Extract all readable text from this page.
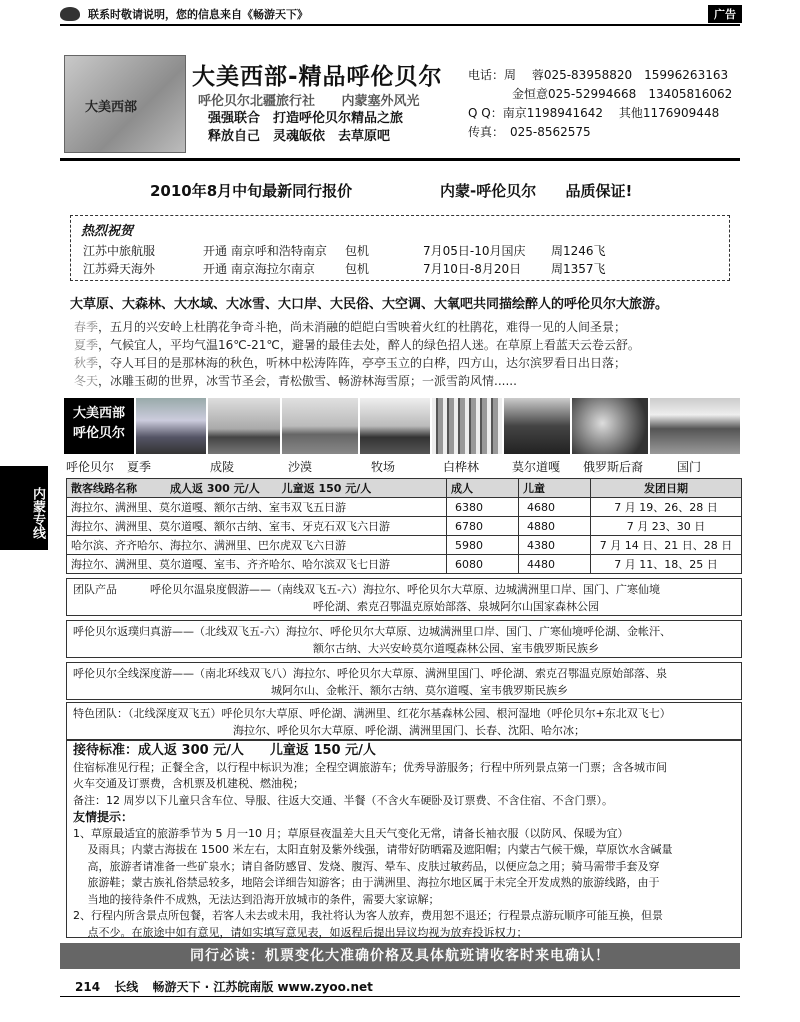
联系时敬请说明，您的信息来自《畅游天下》	广告
大美西部
大美西部-精品呼伦贝尔
呼伦贝尔北疆旅行社 内蒙塞外风光
强强联合　打造呼伦贝尔精品之旅
释放自己　灵魂皈依　去草原吧
电话：周　 蓉025-83958820　15996263163
金恒意025-52994668　13405816062
Q Q：南京1198941642　 其他1176909448
传真：　025-8562575
2010年8月中旬最新同行报价	内蒙-呼伦贝尔 品质保证!
热烈祝贺
江苏中旅航服	开通 南京呼和浩特南京 包机	7月05日-10月国庆 周1246飞
江苏舜天海外	开通 南京海拉尔南京	包机	7月10日-8月20日 周1357飞
大草原、大森林、大水域、大冰雪、大口岸、大民俗、大空调、大氧吧共同描绘醉人的呼伦贝尔大旅游。
春季，五月的兴安岭上杜鹃花争奇斗艳，尚未消融的皑皑白雪映着火红的杜鹃花，难得一见的人间圣景；
夏季，气候宜人，平均气温16℃-21℃，避暑的最佳去处，醉人的绿色招人迷。在草原上看蓝天云卷云舒。
秋季，夺人耳目的是那林海的秋色，听林中松涛阵阵，亭亭玉立的白桦，四方山，达尔滨罗看日出日落；
冬天，冰雕玉砌的世界，冰雪节圣会，青松傲雪、畅游林海雪原；一派雪韵风情......
内蒙专线
大美西部
呼伦贝尔
呼伦贝尔 夏季	成陵	沙漠	牧场	白桦林	莫尔道嘎 俄罗斯后裔	国门
散客线路名称　　　 成人返 300 元/人　　儿童返 150 元/人	成人	儿童	发团日期
海拉尔、满洲里、莫尔道嘎、额尔古纳、室韦双飞五日游	6380	4680	7 月 19、26、28 日
海拉尔、满洲里、莫尔道嘎、额尔古纳、室韦、牙克石双飞六日游	6780	4880	7 月 23、30 日
哈尔滨、齐齐哈尔、海拉尔、满洲里、巴尔虎双飞六日游	5980	4380	7 月 14 日、21 日、28 日
海拉尔、满洲里、莫尔道嘎、室韦、齐齐哈尔、哈尔滨双飞七日游	6080	4480	7 月 11、18、25 日
团队产品　　　呼伦贝尔温泉度假游——（南线双飞五-六）海拉尔、呼伦贝尔大草原、边城满洲里口岸、国门、广寒仙境
呼伦湖、索克召鄂温克原始部落、泉城阿尔山国家森林公园
呼伦贝尔返璞归真游——（北线双飞五-六）海拉尔、呼伦贝尔大草原、边城满洲里口岸、国门、广寒仙境呼伦湖、金帐汗、
额尔古纳、大兴安岭莫尔道嘎森林公园、室韦俄罗斯民族乡
呼伦贝尔全线深度游——（南北环线双飞八）海拉尔、呼伦贝尔大草原、满洲里国门、呼伦湖、索克召鄂温克原始部落、泉
城阿尔山、金帐汗、额尔古纳、莫尔道嘎、室韦俄罗斯民族乡
特色团队：（北线深度双飞五）呼伦贝尔大草原、呼伦湖、满洲里、红花尔基森林公园、根河湿地（呼伦贝尔+东北双飞七）
海拉尔、呼伦贝尔大草原、呼伦湖、满洲里国门、长春、沈阳、哈尔冰；
接待标准：成人返 300 元/人　　儿童返 150 元/人
住宿标准见行程；正餐全含，以行程中标识为准；全程空调旅游车；优秀导游服务；行程中所列景点第一门票；含各城市间
火车交通及订票费，含机票及机建税、燃油税；
备注：12 周岁以下儿童只含车位、导服、往返大交通、半餐（不含火车硬卧及订票费、不含住宿、不含门票）。
友情提示：
1、草原最适宜的旅游季节为 5 月一10 月；草原昼夜温差大且天气变化无常，请备长袖衣服（以防风、保暖为宜）
　 及雨具；内蒙古海拔在 1500 米左右，太阳直射及紫外线强，请带好防晒霜及遮阳帽；内蒙古气候干燥，草原饮水含碱量
　 高，旅游者请准备一些矿泉水；请自备防感冒、发烧、腹泻、晕车、皮肤过敏药品，以便应急之用；骑马需带手套及穿
　 旅游鞋；蒙古族礼俗禁忌较多，地陪会详细告知游客；由于满洲里、海拉尔地区属于未完全开发成熟的旅游线路，由于
　 当地的接待条件不成熟，无法达到沿海开放城市的条件，需要大家谅解；
2、行程内所含景点所包餐，若客人未去或未用，我社将认为客人放弃，费用恕不退还；行程景点游玩顺序可能互换，但景
　 点不少。在旅途中如有意见，请如实填写意见表，如返程后提出异议均视为放弃投诉权力；
同行必读：机票变化大准确价格及具体航班请收客时来电确认！
214 长线 畅游天下 · 江苏皖南版 www.zyoo.net
